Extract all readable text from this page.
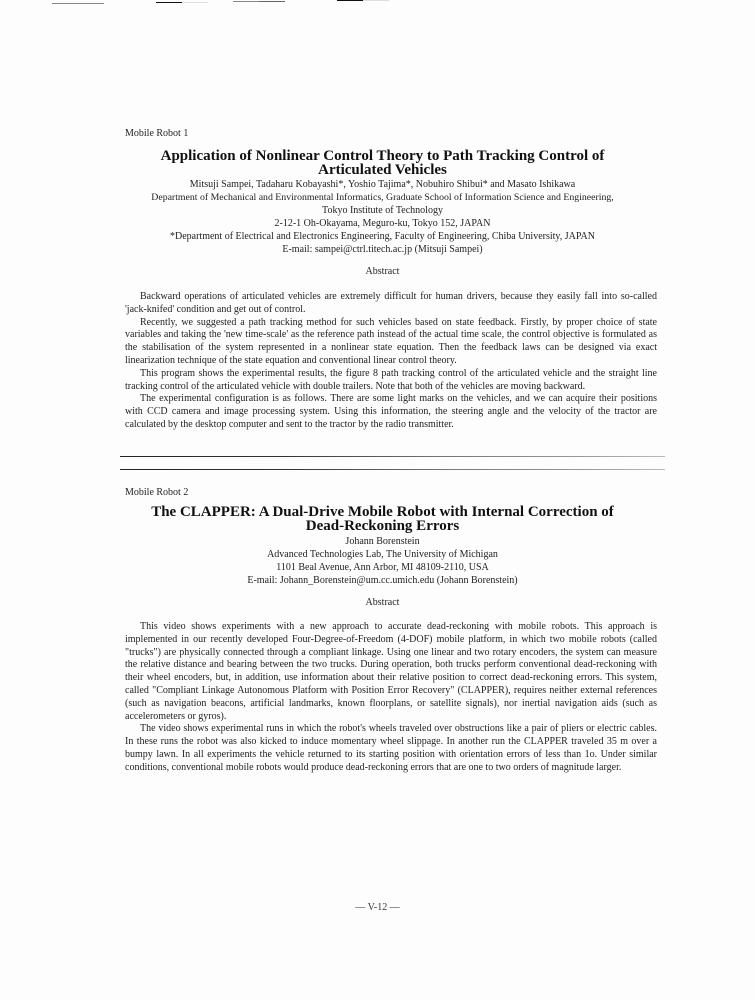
Mobile Robot 1
Application of Nonlinear Control Theory to Path Tracking Control of
Articulated Vehicles
Mitsuji Sampei, Tadaharu Kobayashi*, Yoshio Tajima*, Nobuhiro Shibui* and Masato Ishikawa
Department of Mechanical and Environmental Informatics, Graduate School of Information Science and Engineering,
Tokyo Institute of Technology
2-12-1 Oh-Okayama, Meguro-ku, Tokyo 152, JAPAN
*Department of Electrical and Electronics Engineering, Faculty of Engineering, Chiba University, JAPAN
E-mail: sampei@ctrl.titech.ac.jp (Mitsuji Sampei)
Abstract

Backward operations of articulated vehicles are extremely difficult for human drivers, because they easily fall into so-called 'jack-knifed' condition and get out of control.

Recently, we suggested a path tracking method for such vehicles based on state feedback. Firstly, by proper choice of state variables and taking the 'new time-scale' as the reference path instead of the actual time scale, the control objective is formulated as the stabilisation of the system represented in a nonlinear state equation. Then the feedback laws can be designed via exact linearization technique of the state equation and conventional linear control theory.

This program shows the experimental results, the figure 8 path tracking control of the articulated vehicle and the straight line tracking control of the articulated vehicle with double trailers. Note that both of the vehicles are moving backward.

The experimental configuration is as follows. There are some light marks on the vehicles, and we can acquire their positions with CCD camera and image processing system. Using this information, the steering angle and the velocity of the tractor are calculated by the desktop computer and sent to the tractor by the radio transmitter.

Mobile Robot 2
The CLAPPER: A Dual-Drive Mobile Robot with Internal Correction of
Dead-Reckoning Errors
Johann Borenstein
Advanced Technologies Lab, The University of Michigan
1101 Beal Avenue, Ann Arbor, MI 48109-2110, USA
E-mail: Johann_Borenstein@um.cc.umich.edu (Johann Borenstein)
Abstract

This video shows experiments with a new approach to accurate dead-reckoning with mobile robots. This approach is implemented in our recently developed Four-Degree-of-Freedom (4-DOF) mobile platform, in which two mobile robots (called "trucks") are physically connected through a compliant linkage. Using one linear and two rotary encoders, the system can measure the relative distance and bearing between the two trucks. During operation, both trucks perform conventional dead-reckoning with their wheel encoders, but, in addition, use information about their relative position to correct dead-reckoning errors. This system, called "Compliant Linkage Autonomous Platform with Position Error Recovery" (CLAPPER), requires neither external references (such as navigation beacons, artificial landmarks, known floorplans, or satellite signals), nor inertial navigation aids (such as accelerometers or gyros).

The video shows experimental runs in which the robot's wheels traveled over obstructions like a pair of pliers or electric cables. In these runs the robot was also kicked to induce momentary wheel slippage. In another run the CLAPPER traveled 35 m over a bumpy lawn. In all experiments the vehicle returned to its starting position with orientation errors of less than 1o. Under similar conditions, conventional mobile robots would produce dead-reckoning errors that are one to two orders of magnitude larger.

— V-12 —
